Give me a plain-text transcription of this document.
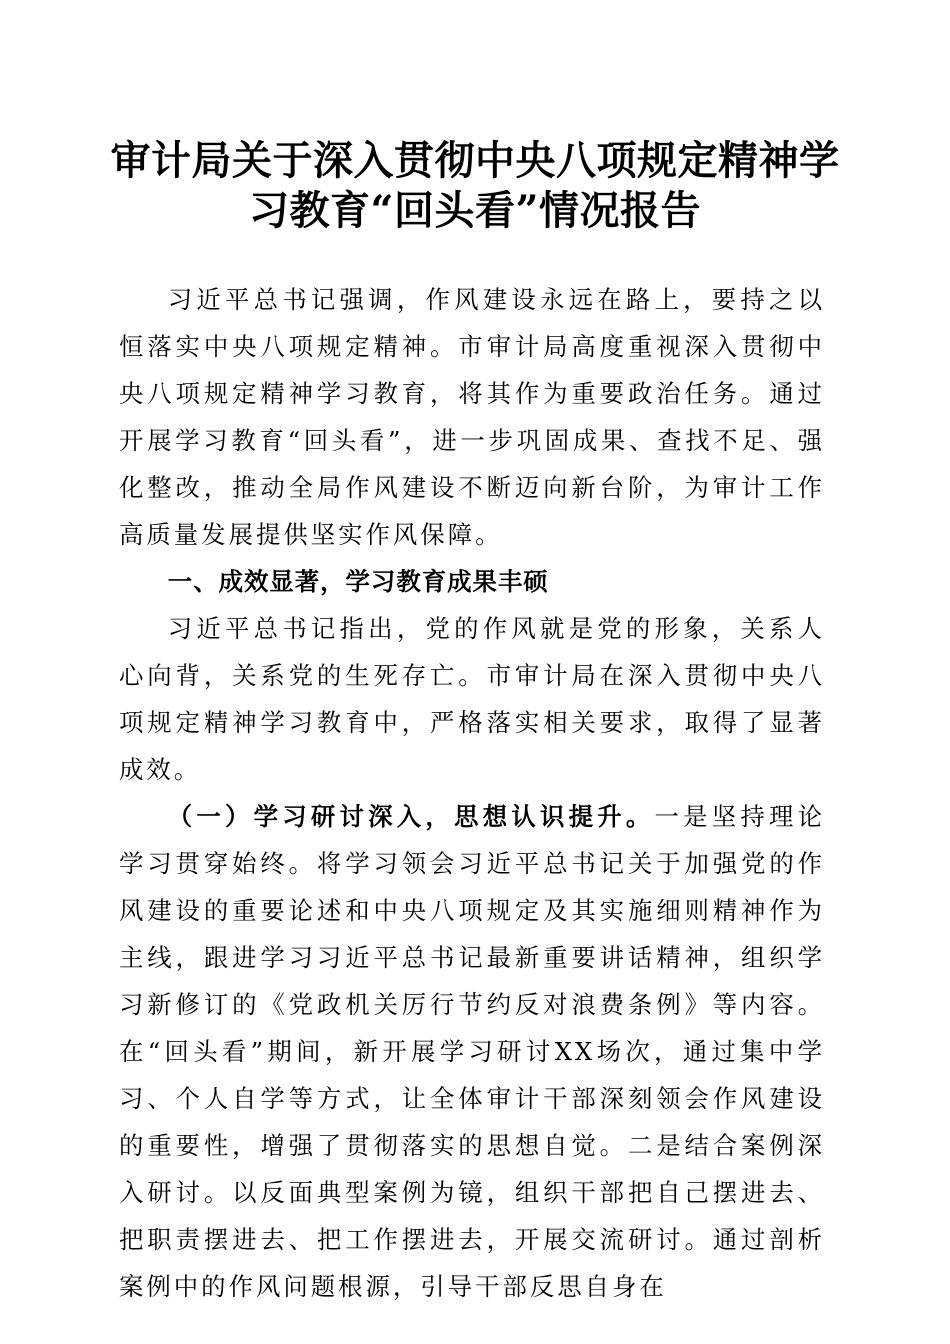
审计局关于深入贯彻中央八项规定精神学习教育“回头看”情况报告

习近平总书记强调，作风建设永远在路上，要持之以恒落实中央八项规定精神。市审计局高度重视深入贯彻中央八项规定精神学习教育，将其作为重要政治任务。通过开展学习教育“回头看”，进一步巩固成果、查找不足、强化整改，推动全局作风建设不断迈向新台阶，为审计工作高质量发展提供坚实作风保障。

一、成效显著，学习教育成果丰硕

习近平总书记指出，党的作风就是党的形象，关系人心向背，关系党的生死存亡。市审计局在深入贯彻中央八项规定精神学习教育中，严格落实相关要求，取得了显著成效。

（一）学习研讨深入，思想认识提升。一是坚持理论学习贯穿始终。将学习领会习近平总书记关于加强党的作风建设的重要论述和中央八项规定及其实施细则精神作为主线，跟进学习习近平总书记最新重要讲话精神，组织学习新修订的《党政机关厉行节约反对浪费条例》等内容。在“回头看”期间，新开展学习研讨XX场次，通过集中学习、个人自学等方式，让全体审计干部深刻领会作风建设的重要性，增强了贯彻落实的思想自觉。二是结合案例深入研讨。以反面典型案例为镜，组织干部把自己摆进去、把职责摆进去、把工作摆进去，开展交流研讨。通过剖析案例中的作风问题根源，引导干部反思自身在
